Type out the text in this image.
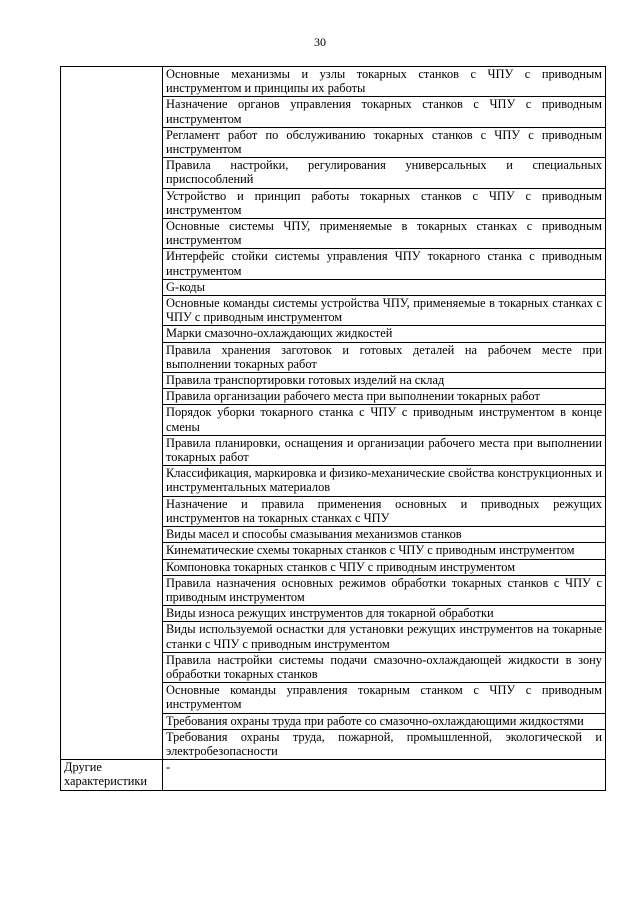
30
	Основные механизмы и узлы токарных станков с ЧПУ с приводным инструментом и принципы их работы
	Назначение органов управления токарных станков с ЧПУ с приводным инструментом
	Регламент работ по обслуживанию токарных станков с ЧПУ с приводным инструментом
	Правила настройки, регулирования универсальных и специальных приспособлений
	Устройство и принцип работы токарных станков с ЧПУ с приводным инструментом
	Основные системы ЧПУ, применяемые в токарных станках с приводным инструментом
	Интерфейс стойки системы управления ЧПУ токарного станка с приводным инструментом
	G-коды
	Основные команды системы устройства ЧПУ, применяемые в токарных станках с ЧПУ с приводным инструментом
	Марки смазочно-охлаждающих жидкостей
	Правила хранения заготовок и готовых деталей на рабочем месте при выполнении токарных работ
	Правила транспортировки готовых изделий на склад
	Правила организации рабочего места при выполнении токарных работ
	Порядок уборки токарного станка с ЧПУ с приводным инструментом в конце смены
	Правила планировки, оснащения и организации рабочего места при выполнении токарных работ
	Классификация, маркировка и физико-механические свойства конструкционных и инструментальных материалов
	Назначение и правила применения основных и приводных режущих инструментов на токарных станках с ЧПУ
	Виды масел и способы смазывания механизмов станков
	Кинематические схемы токарных станков с ЧПУ с приводным инструментом
	Компоновка токарных станков с ЧПУ с приводным инструментом
	Правила назначения основных режимов обработки токарных станков с ЧПУ с приводным инструментом
	Виды износа режущих инструментов для токарной обработки
	Виды используемой оснастки для установки режущих инструментов на токарные станки с ЧПУ с приводным инструментом
	Правила настройки системы подачи смазочно-охлаждающей жидкости в зону обработки токарных станков
	Основные команды управления токарным станком с ЧПУ с приводным инструментом
	Требования охраны труда при работе со смазочно-охлаждающими жидкостями
	Требования охраны труда, пожарной, промышленной, экологической и электробезопасности
Другие характеристики	-
